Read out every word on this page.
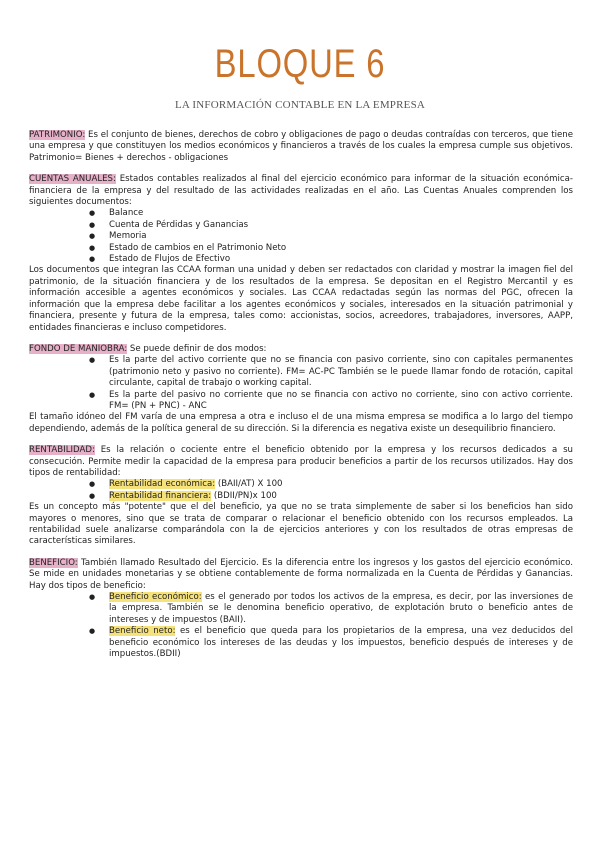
BLOQUE 6
LA INFORMACIÓN CONTABLE EN LA EMPRESA

PATRIMONIO: Es el conjunto de bienes, derechos de cobro y obligaciones de pago o deudas contraídas con terceros, que tiene una empresa y que constituyen los medios económicos y financieros a través de los cuales la empresa cumple sus objetivos. Patrimonio= Bienes + derechos - obligaciones

CUENTAS ANUALES: Estados contables realizados al final del ejercicio económico para informar de la situación económica-financiera de la empresa y del resultado de las actividades realizadas en el año. Las Cuentas Anuales comprenden los siguientes documentos:

● Balance
● Cuenta de Pérdidas y Ganancias
● Memoria
● Estado de cambios en el Patrimonio Neto
● Estado de Flujos de Efectivo

Los documentos que integran las CCAA forman una unidad y deben ser redactados con claridad y mostrar la imagen fiel del patrimonio, de la situación financiera y de los resultados de la empresa. Se depositan en el Registro Mercantil y es información accesible a agentes económicos y sociales. Las CCAA redactadas según las normas del PGC, ofrecen la información que la empresa debe facilitar a los agentes económicos y sociales, interesados en la situación patrimonial y financiera, presente y futura de la empresa, tales como: accionistas, socios, acreedores, trabajadores, inversores, AAPP, entidades financieras e incluso competidores.

FONDO DE MANIOBRA: Se puede definir de dos modos:

● Es la parte del activo corriente que no se financia con pasivo corriente, sino con capitales permanentes (patrimonio neto y pasivo no corriente). FM= AC-PC También se le puede llamar fondo de rotación, capital circulante, capital de trabajo o working capital.
● Es la parte del pasivo no corriente que no se financia con activo no corriente, sino con activo corriente. FM= (PN + PNC) - ANC

El tamaño idóneo del FM varía de una empresa a otra e incluso el de una misma empresa se modifica a lo largo del tiempo dependiendo, además de la política general de su dirección. Si la diferencia es negativa existe un desequilibrio financiero.

RENTABILIDAD: Es la relación o cociente entre el beneficio obtenido por la empresa y los recursos dedicados a su consecución. Permite medir la capacidad de la empresa para producir beneficios a partir de los recursos utilizados. Hay dos tipos de rentabilidad:

● Rentabilidad económica: (BAII/AT) X 100
● Rentabilidad financiera: (BDII/PN)x 100

Es un concepto más "potente" que el del beneficio, ya que no se trata simplemente de saber si los beneficios han sido mayores o menores, sino que se trata de comparar o relacionar el beneficio obtenido con los recursos empleados. La rentabilidad suele analizarse comparándola con la de ejercicios anteriores y con los resultados de otras empresas de características similares.

BENEFICIO: También llamado Resultado del Ejercicio. Es la diferencia entre los ingresos y los gastos del ejercicio económico. Se mide en unidades monetarias y se obtiene contablemente de forma normalizada en la Cuenta de Pérdidas y Ganancias. Hay dos tipos de beneficio:

● Beneficio económico: es el generado por todos los activos de la empresa, es decir, por las inversiones de la empresa. También se le denomina beneficio operativo, de explotación bruto o beneficio antes de intereses y de impuestos (BAII).
● Beneficio neto: es el beneficio que queda para los propietarios de la empresa, una vez deducidos del beneficio económico los intereses de las deudas y los impuestos, beneficio después de intereses y de impuestos.(BDII)
